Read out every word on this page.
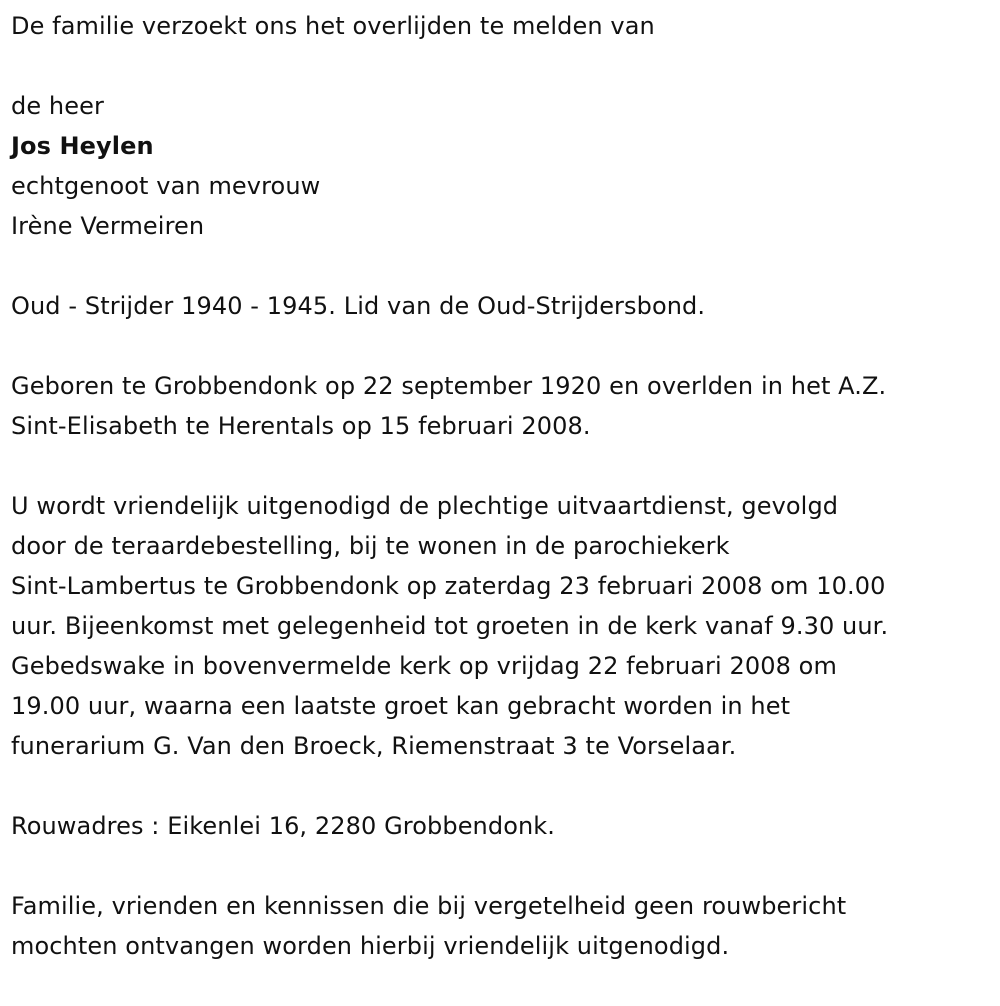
De familie verzoekt ons het overlijden te melden van
de heer
Jos Heylen
echtgenoot van mevrouw
Irène Vermeiren
Oud - Strijder 1940 - 1945. Lid van de Oud-Strijdersbond.
Geboren te Grobbendonk op 22 september 1920 en overlden in het A.Z.
Sint-Elisabeth te Herentals op 15 februari 2008.
U wordt vriendelijk uitgenodigd de plechtige uitvaartdienst, gevolgd
door de teraardebestelling, bij te wonen in de parochiekerk
Sint-Lambertus te Grobbendonk op zaterdag 23 februari 2008 om 10.00
uur. Bijeenkomst met gelegenheid tot groeten in de kerk vanaf 9.30 uur.
Gebedswake in bovenvermelde kerk op vrijdag 22 februari 2008 om
19.00 uur, waarna een laatste groet kan gebracht worden in het
funerarium G. Van den Broeck, Riemenstraat 3 te Vorselaar.
Rouwadres : Eikenlei 16, 2280 Grobbendonk.
Familie, vrienden en kennissen die bij vergetelheid geen rouwbericht
mochten ontvangen worden hierbij vriendelijk uitgenodigd.
